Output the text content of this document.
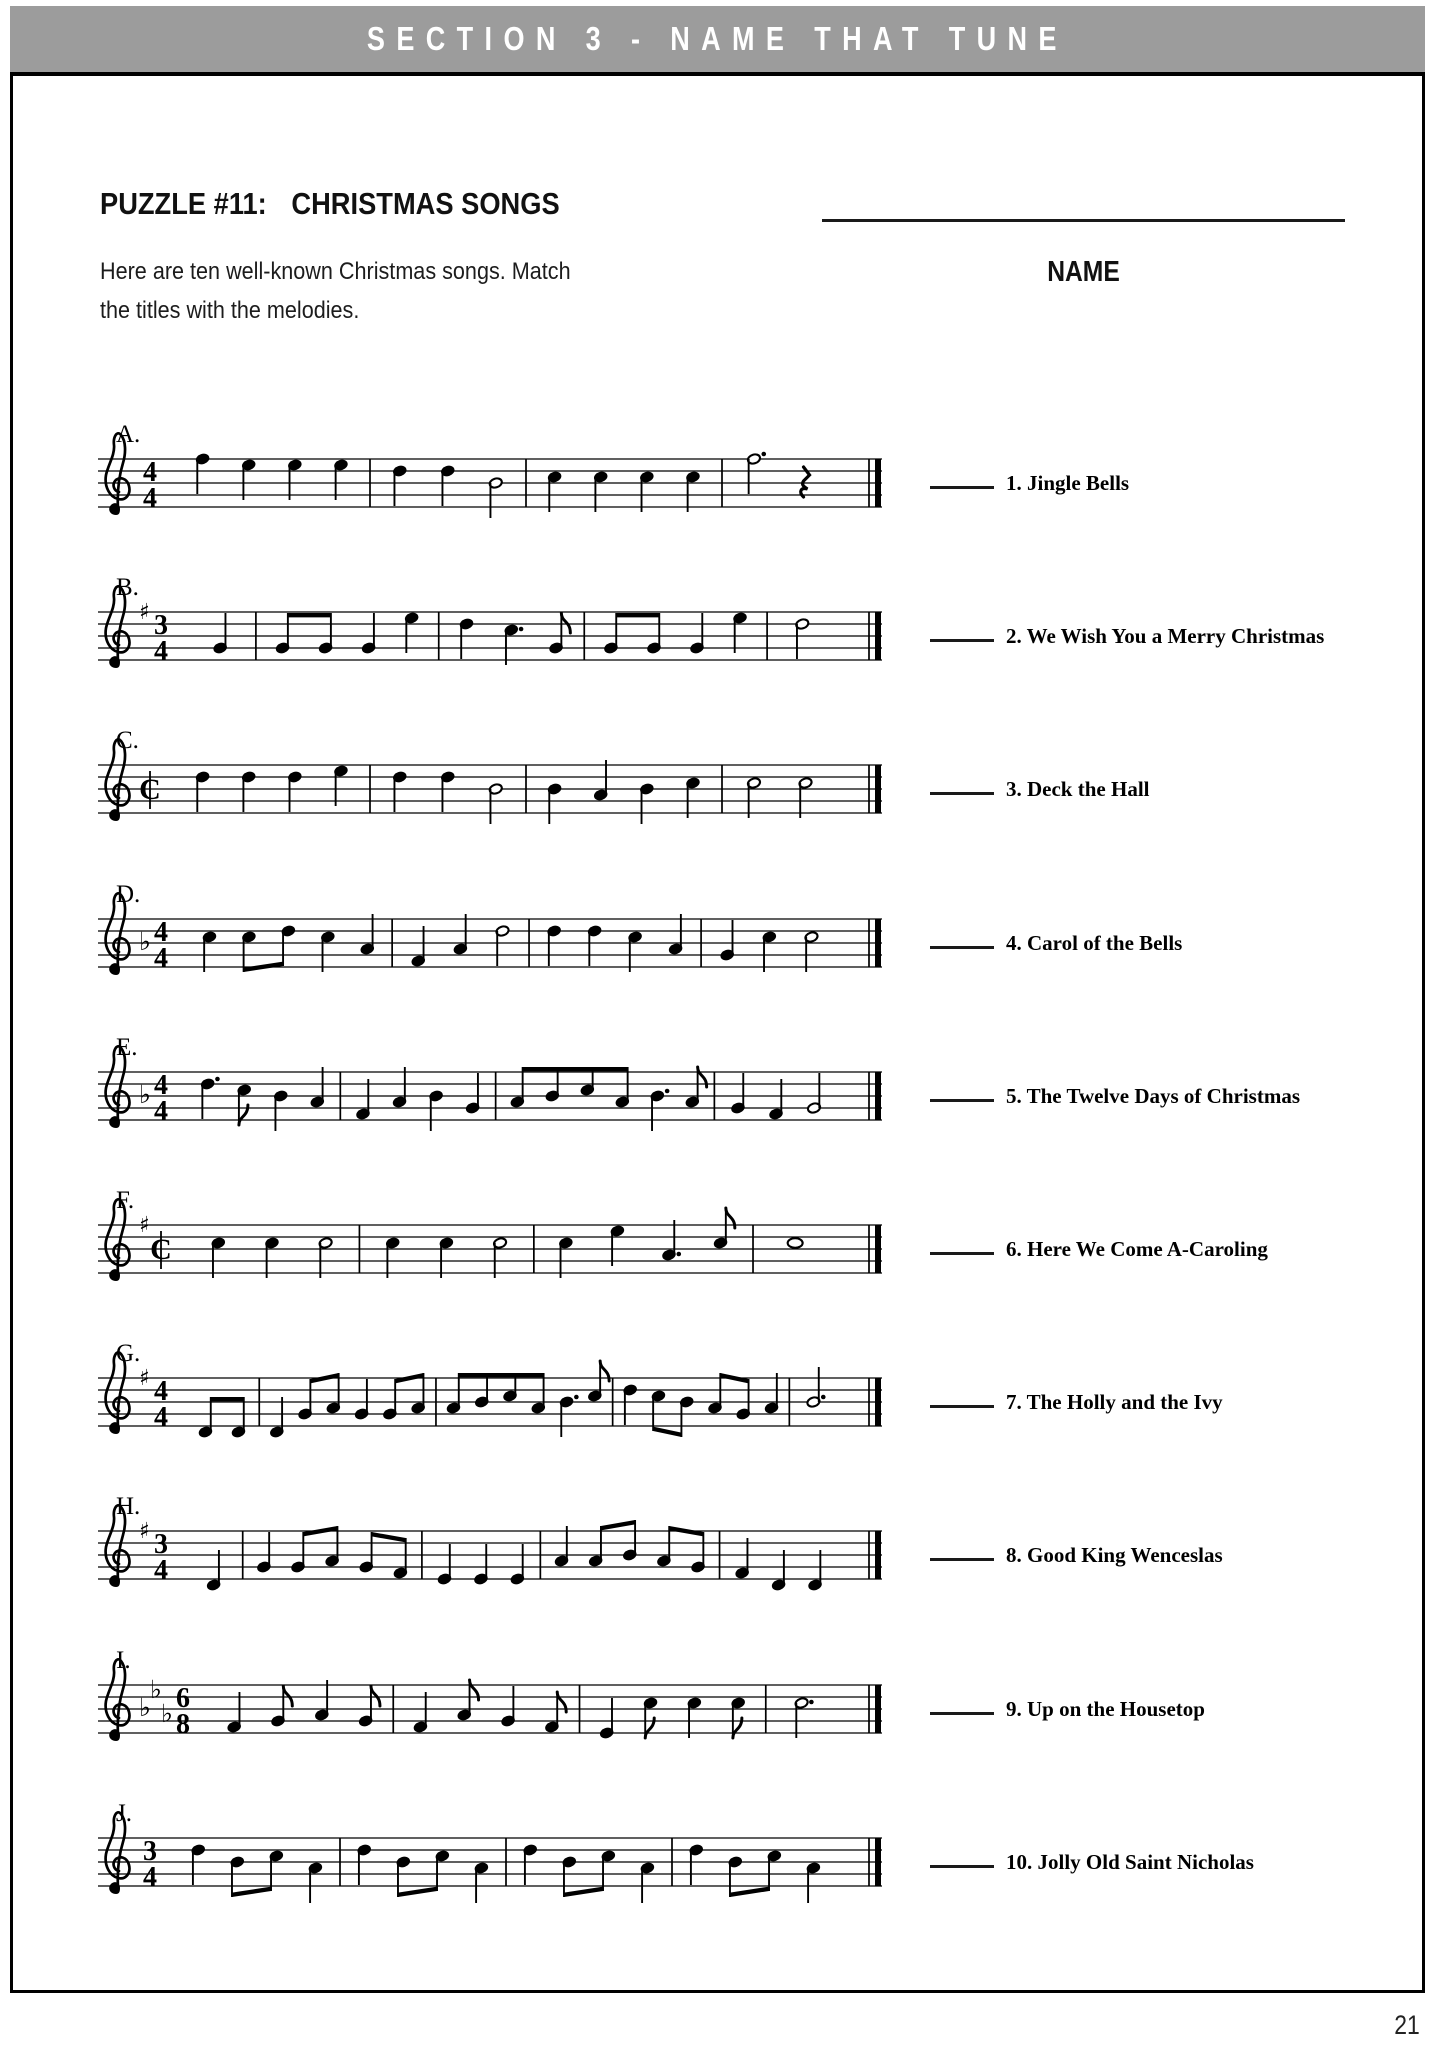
SECTION 3 - NAME THAT TUNE
PUZZLE #11: CHRISTMAS SONGS
Here are ten well-known Christmas songs. Match
the titles with the melodies.
NAME
A.
4
4	1. Jingle Bells
B.
♯ 3
4	2. We Wish You a Merry Christmas
C.
C	3. Deck the Hall
D.
♭ 4
4	4. Carol of the Bells
E.
♭ 4
4	5. The Twelve Days of Christmas
F.
♯
C	6. Here We Come A-Caroling
G.
♯ 4
4	7. The Holly and the Ivy
H.
♯ 3
4	8. Good King Wenceslas
I.
♭
♭
♭ 6
8	9. Up on the Housetop
J.
3
4	10. Jolly Old Saint Nicholas
21
